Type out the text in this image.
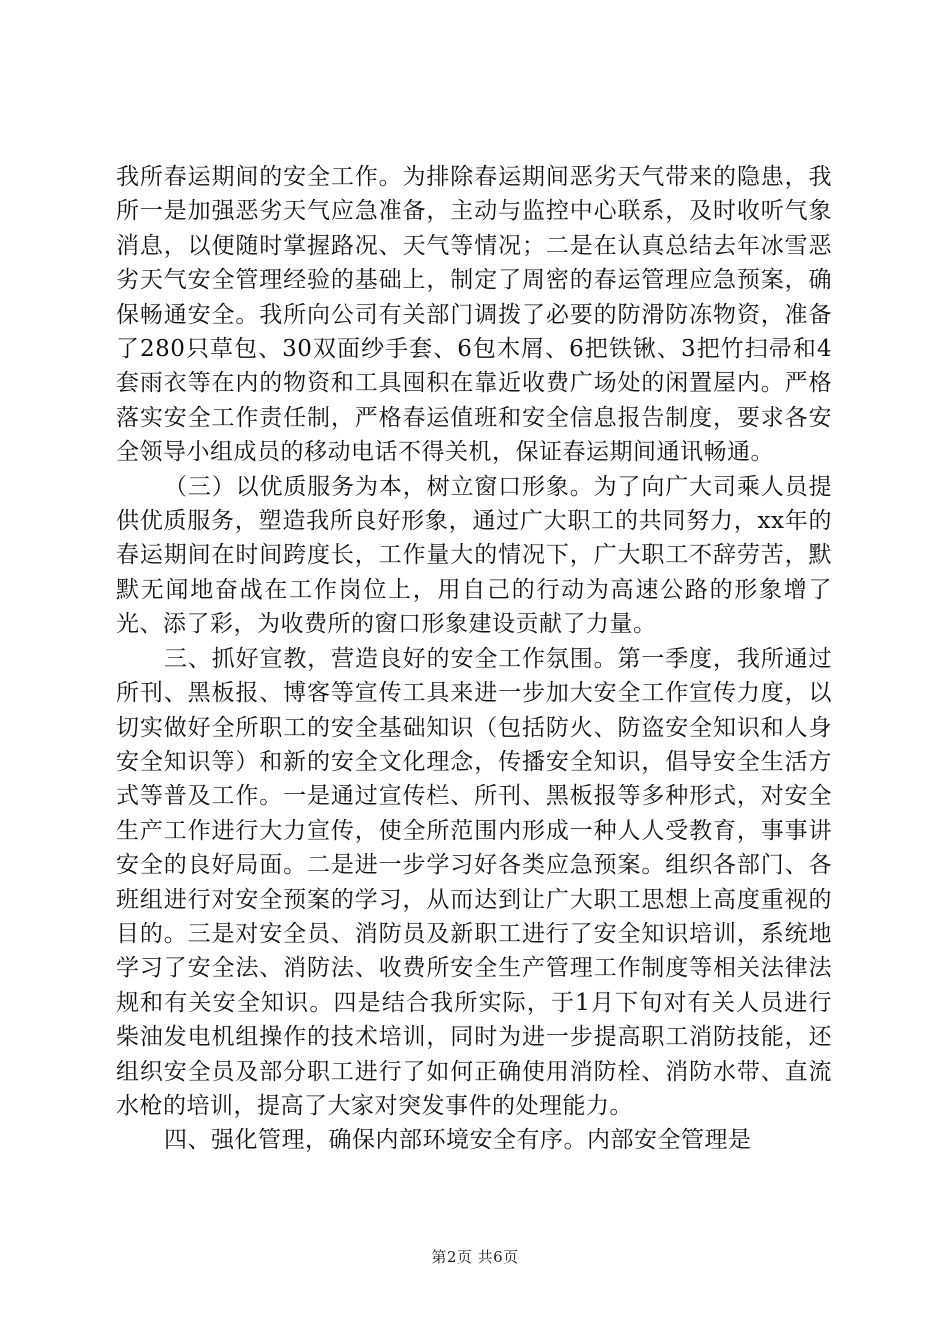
我所春运期间的安全工作。为排除春运期间恶劣天气带来的隐患，我所一是加强恶劣天气应急准备，主动与监控中心联系，及时收听气象消息，以便随时掌握路况、天气等情况；二是在认真总结去年冰雪恶劣天气安全管理经验的基础上，制定了周密的春运管理应急预案，确保畅通安全。我所向公司有关部门调拨了必要的防滑防冻物资，准备了280只草包、30双面纱手套、6包木屑、6把铁锹、3把竹扫帚和4套雨衣等在内的物资和工具囤积在靠近收费广场处的闲置屋内。严格落实安全工作责任制，严格春运值班和安全信息报告制度，要求各安全领导小组成员的移动电话不得关机，保证春运期间通讯畅通。

（三）以优质服务为本，树立窗口形象。为了向广大司乘人员提供优质服务，塑造我所良好形象，通过广大职工的共同努力，xx年的春运期间在时间跨度长，工作量大的情况下，广大职工不辞劳苦，默默无闻地奋战在工作岗位上，用自己的行动为高速公路的形象增了光、添了彩，为收费所的窗口形象建设贡献了力量。

三、抓好宣教，营造良好的安全工作氛围。第一季度，我所通过所刊、黑板报、博客等宣传工具来进一步加大安全工作宣传力度，以切实做好全所职工的安全基础知识（包括防火、防盗安全知识和人身安全知识等）和新的安全文化理念，传播安全知识，倡导安全生活方式等普及工作。一是通过宣传栏、所刊、黑板报等多种形式，对安全生产工作进行大力宣传，使全所范围内形成一种人人受教育，事事讲安全的良好局面。二是进一步学习好各类应急预案。组织各部门、各班组进行对安全预案的学习，从而达到让广大职工思想上高度重视的目的。三是对安全员、消防员及新职工进行了安全知识培训，系统地学习了安全法、消防法、收费所安全生产管理工作制度等相关法律法规和有关安全知识。四是结合我所实际，于1月下旬对有关人员进行柴油发电机组操作的技术培训，同时为进一步提高职工消防技能，还组织安全员及部分职工进行了如何正确使用消防栓、消防水带、直流水枪的培训，提高了大家对突发事件的处理能力。

四、强化管理，确保内部环境安全有序。内部安全管理是

第2页 共6页
